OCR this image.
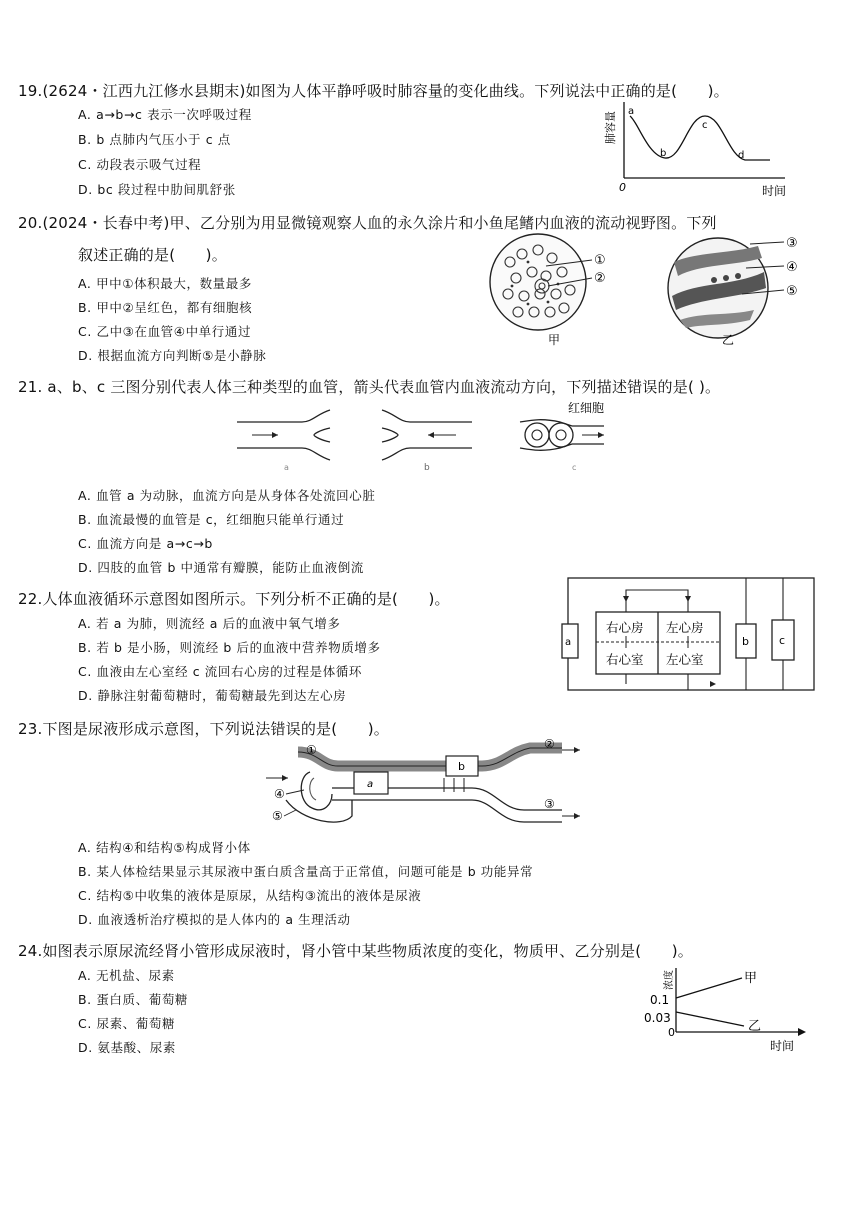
19.(2624・江西九江修水县期末)如图为人体平静呼吸时肺容量的变化曲线。下列说法中正确的是(　　)。
A. a→b→c 表示一次呼吸过程
B. b 点肺内气压小于 c 点
C. 动段表示吸气过程
D. bc 段过程中肋间肌舒张
肺容量
0	时间
a
b
c
d
20.(2024・长春中考)甲、乙分别为用显微镜观察人血的永久涂片和小鱼尾鳍内血液的流动视野图。下列
叙述正确的是(　　)。
A. 甲中①体积最大，数量最多
B. 甲中②呈红色，都有细胞核
C. 乙中③在血管④中单行通过
D. 根据血流方向判断⑤是小静脉
①
②
甲
③
④
⑤
乙
21. a、b、c 三图分别代表人体三种类型的血管，箭头代表血管内血液流动方向，下列描述错误的是( )。
a	b
红细胞
c
A. 血管 a 为动脉，血流方向是从身体各处流回心脏
B. 血流最慢的血管是 c，红细胞只能单行通过
C. 血流方向是 a→c→b
D. 四肢的血管 b 中通常有瓣膜，能防止血液倒流
22.人体血液循环示意图如图所示。下列分析不正确的是(　　)。
A. 若 a 为肺，则流经 a 后的血液中氧气增多
B. 若 b 是小肠，则流经 b 后的血液中营养物质增多
C. 血液由左心室经 c 流回右心房的过程是体循环
D. 静脉注射葡萄糖时，葡萄糖最先到达左心房
右心房 左心房
右心室 左心室
a	b	c
23.下图是尿液形成示意图，下列说法错误的是(　　)。
a
b
①	②
③
④
⑤
A. 结构④和结构⑤构成肾小体
B. 某人体检结果显示其尿液中蛋白质含量高于正常值，问题可能是 b 功能异常
C. 结构⑤中收集的液体是原尿，从结构③流出的液体是尿液
D. 血液透析治疗模拟的是人体内的 a 生理活动
24.如图表示原尿流经肾小管形成尿液时，肾小管中某些物质浓度的变化，物质甲、乙分别是(　　)。
A. 无机盐、尿素
B. 蛋白质、葡萄糖
C. 尿素、葡萄糖
D. 氨基酸、尿素
浓度
0.1
0.03
0
甲
乙
时间
